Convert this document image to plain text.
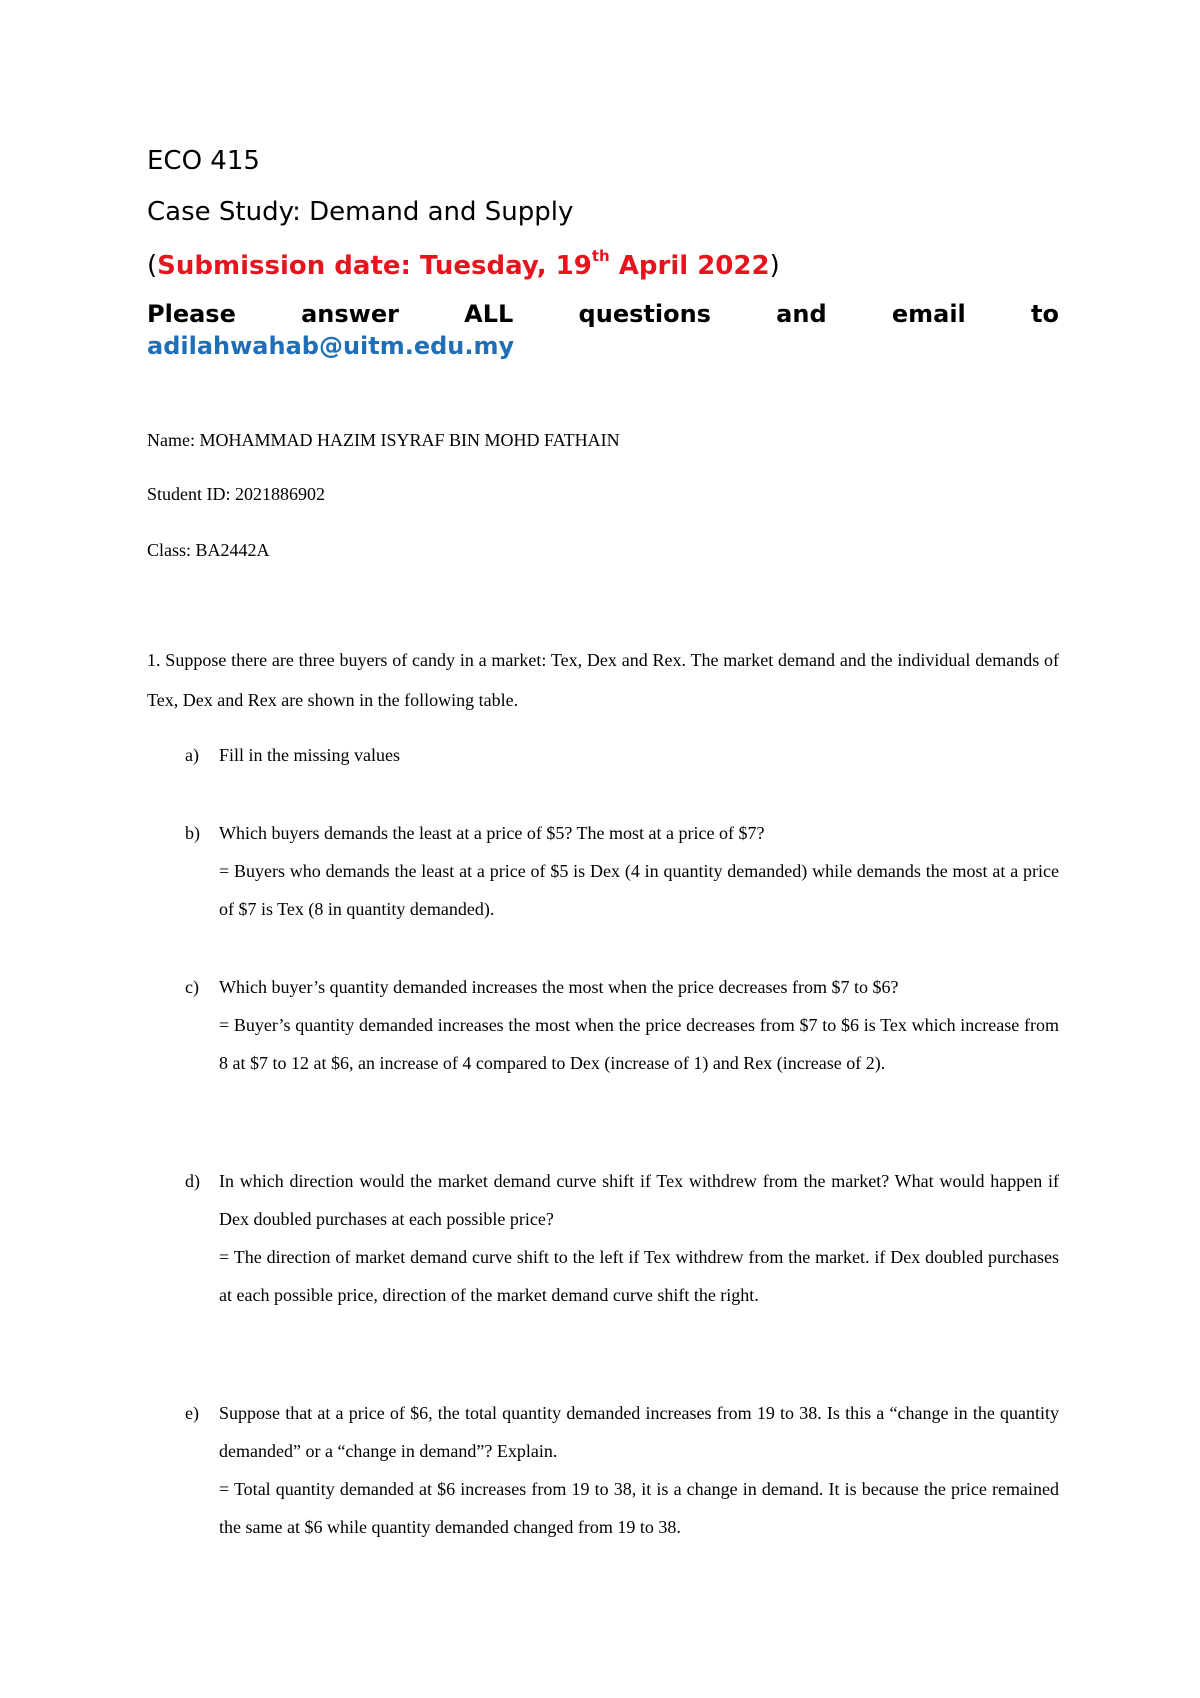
ECO 415
Case Study: Demand and Supply
(Submission date: Tuesday, 19th April 2022)
Please	answer	ALL	questions	and	email	to
adilahwahab@uitm.edu.my
Name: MOHAMMAD HAZIM ISYRAF BIN MOHD FATHAIN
Student ID: 2021886902
Class: BA2442A
1. Suppose there are three buyers of candy in a market: Tex, Dex and Rex. The market demand and the individual demands of Tex, Dex and Rex are shown in the following table.
a) Fill in the missing values
b) Which buyers demands the least at a price of $5? The most at a price of $7?
= Buyers who demands the least at a price of $5 is Dex (4 in quantity demanded) while demands the most at a price of $7 is Tex (8 in quantity demanded).
c) Which buyer’s quantity demanded increases the most when the price decreases from $7 to $6?
= Buyer’s quantity demanded increases the most when the price decreases from $7 to $6 is Tex which increase from 8 at $7 to 12 at $6, an increase of 4 compared to Dex (increase of 1) and Rex (increase of 2).
d) In which direction would the market demand curve shift if Tex withdrew from the market? What would happen if Dex doubled purchases at each possible price?
= The direction of market demand curve shift to the left if Tex withdrew from the market. if Dex doubled purchases at each possible price, direction of the market demand curve shift the right.
e) Suppose that at a price of $6, the total quantity demanded increases from 19 to 38. Is this a “change in the quantity demanded” or a “change in demand”? Explain.
= Total quantity demanded at $6 increases from 19 to 38, it is a change in demand. It is because the price remained the same at $6 while quantity demanded changed from 19 to 38.
